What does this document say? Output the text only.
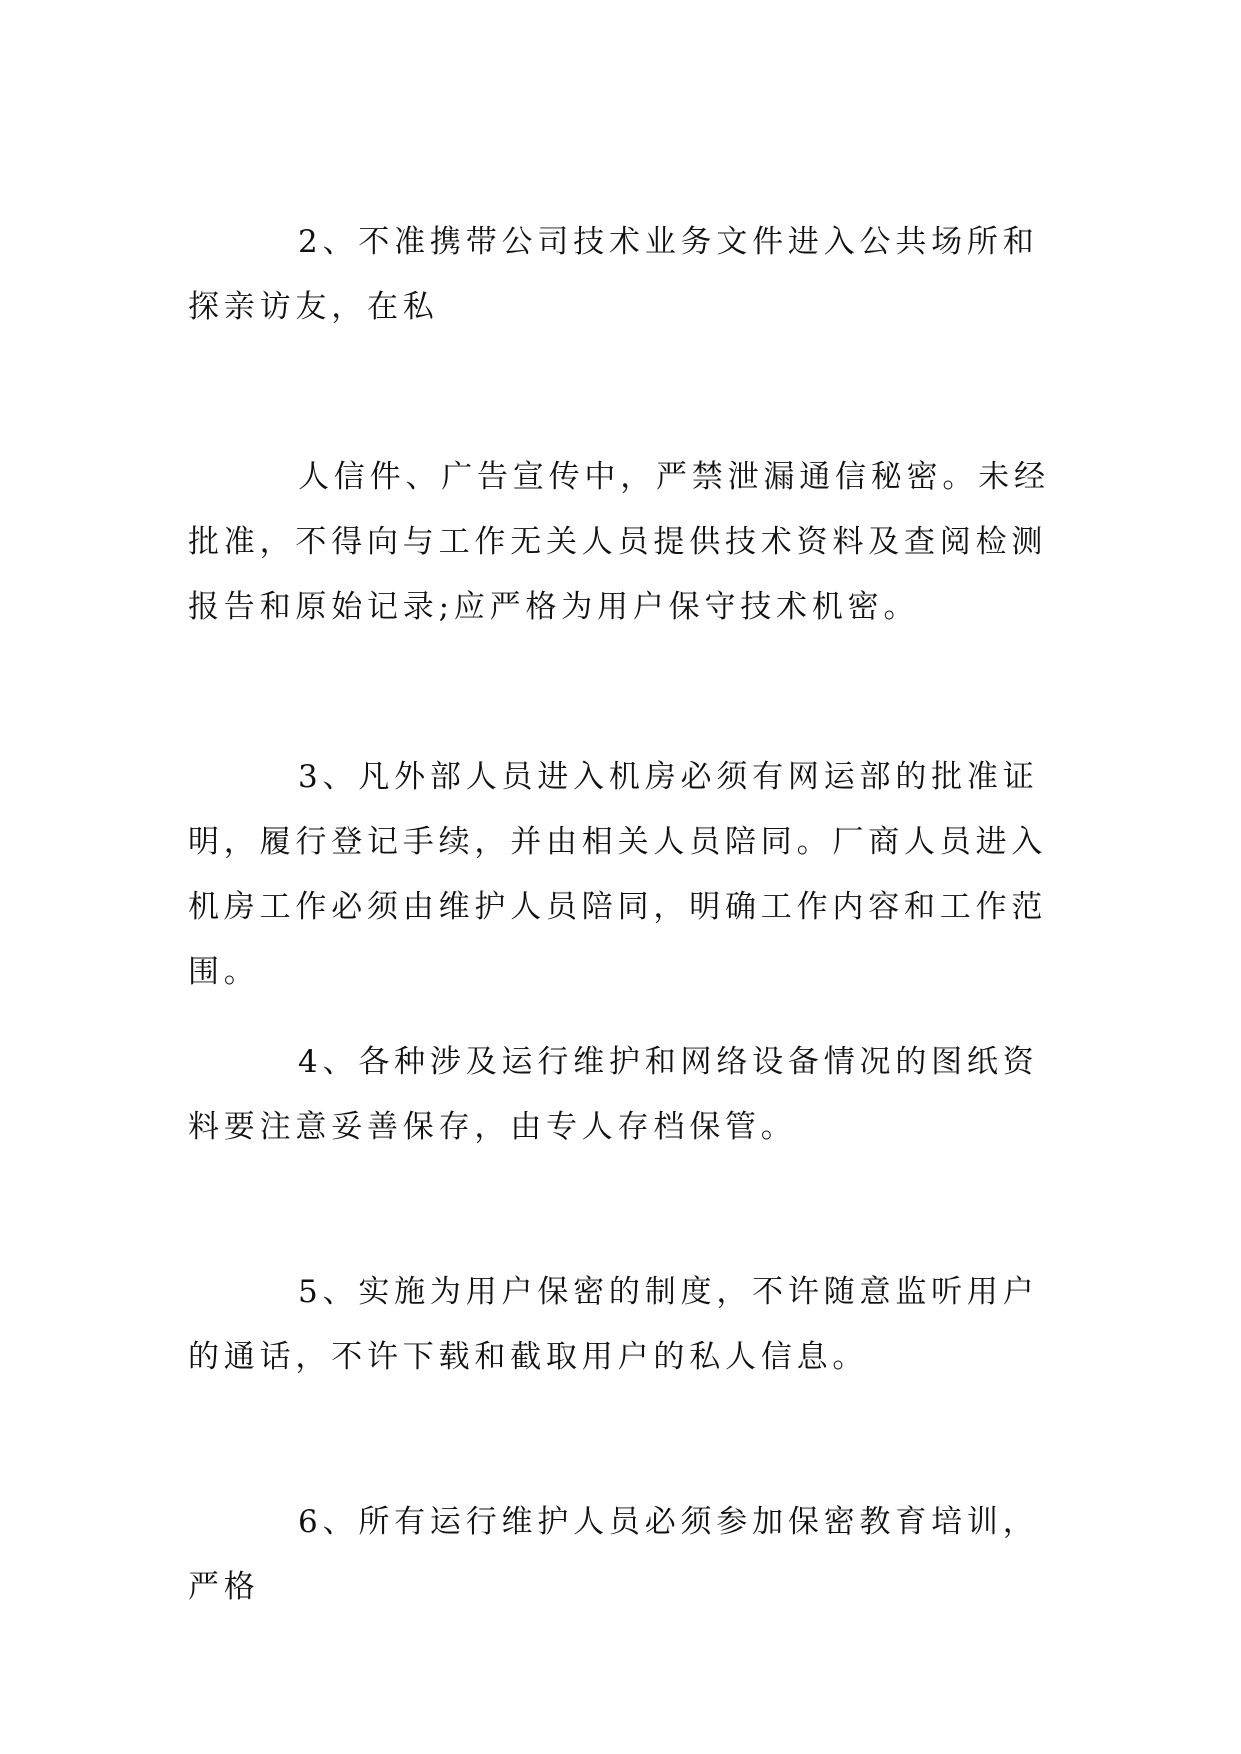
2、不准携带公司技术业务文件进入公共场所和探亲访友，在私

人信件、广告宣传中，严禁泄漏通信秘密。未经批准，不得向与工作无关人员提供技术资料及查阅检测报告和原始记录;应严格为用户保守技术机密。

3、凡外部人员进入机房必须有网运部的批准证明，履行登记手续，并由相关人员陪同。厂商人员进入机房工作必须由维护人员陪同，明确工作内容和工作范围。

4、各种涉及运行维护和网络设备情况的图纸资料要注意妥善保存，由专人存档保管。

5、实施为用户保密的制度，不许随意监听用户的通话，不许下载和截取用户的私人信息。

6、所有运行维护人员必须参加保密教育培训，严格
